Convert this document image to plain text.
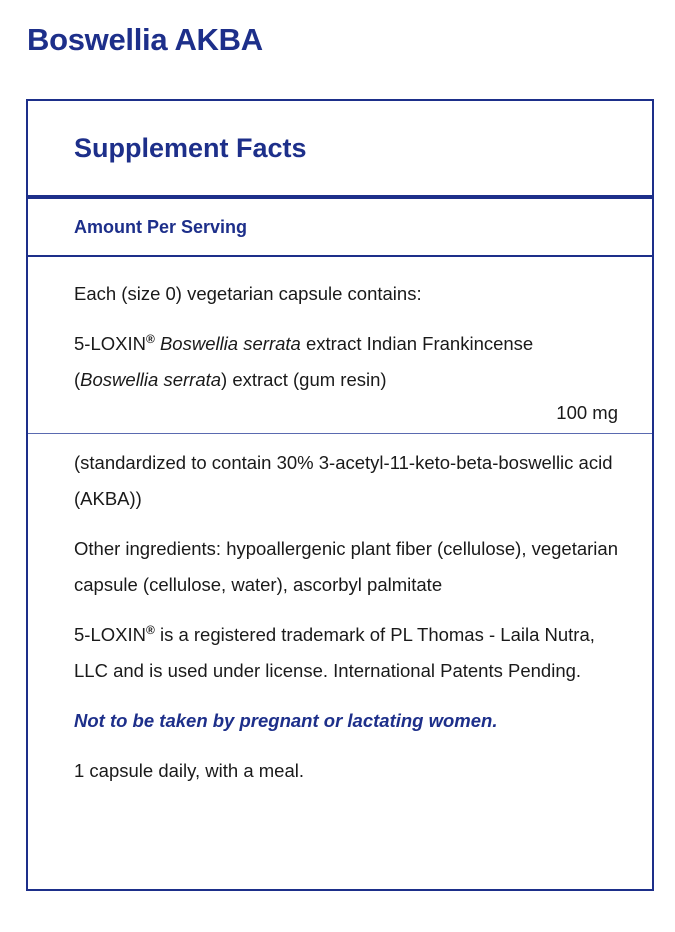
Boswellia AKBA
Supplement Facts
Amount Per Serving

Each (size 0) vegetarian capsule contains:

5-LOXIN® Boswellia serrata extract Indian Frankincense (Boswellia serrata) extract (gum resin)

100 mg

(standardized to contain 30% 3-acetyl-11-keto-beta-boswellic acid (AKBA))

Other ingredients: hypoallergenic plant fiber (cellulose), vegetarian capsule (cellulose, water), ascorbyl palmitate

5-LOXIN® is a registered trademark of PL Thomas - Laila Nutra, LLC and is used under license. International Patents Pending.

Not to be taken by pregnant or lactating women.

1 capsule daily, with a meal.
